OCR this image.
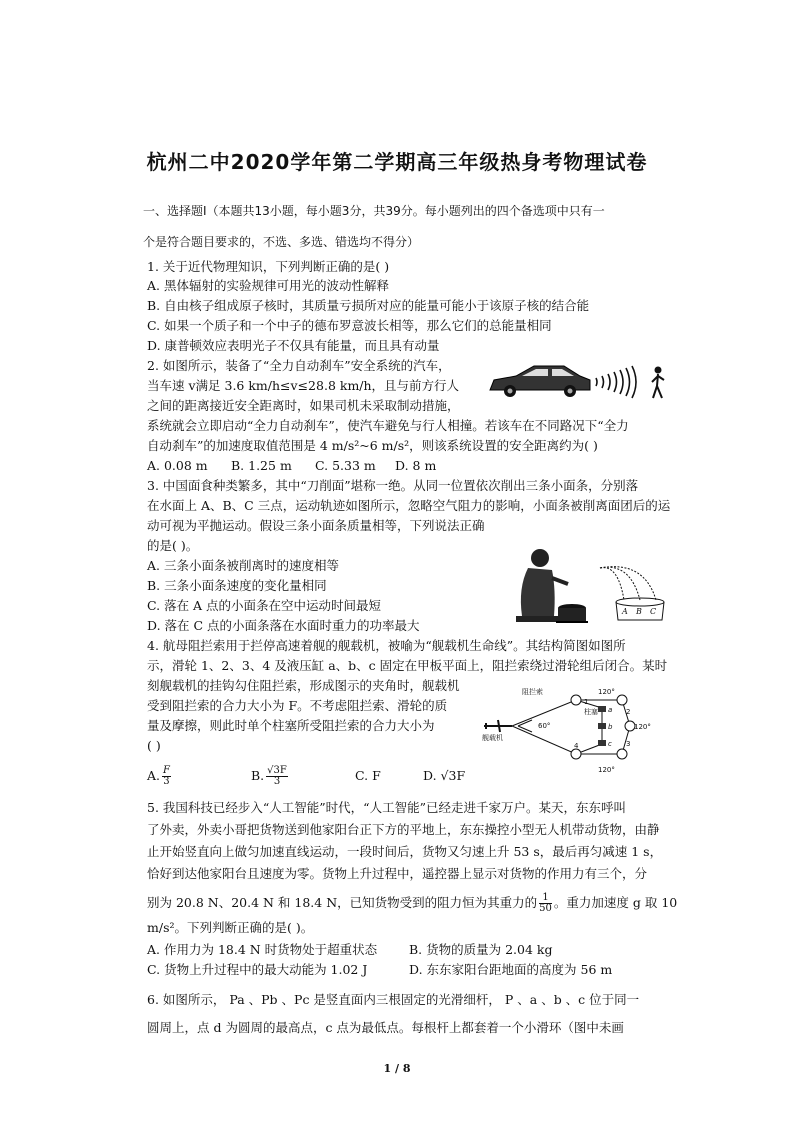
杭州二中2020学年第二学期高三年级热身考物理试卷
一、选择题Ⅰ（本题共13小题，每小题3分，共39分。每小题列出的四个备选项中只有一
个是符合题目要求的，不选、多选、错选均不得分）
1. 关于近代物理知识，下列判断正确的是( )
A. 黑体辐射的实验规律可用光的波动性解释
B. 自由核子组成原子核时，其质量亏损所对应的能量可能小于该原子核的结合能
C. 如果一个质子和一个中子的德布罗意波长相等，那么它们的总能量相同
D. 康普顿效应表明光子不仅具有能量，而且具有动量
2. 如图所示，装备了“全力自动刹车”安全系统的汽车，
当车速 v满足 3.6 km/h≤v≤28.8 km/h，且与前方行人
之间的距离接近安全距离时，如果司机未采取制动措施，
系统就会立即启动“全力自动刹车”，使汽车避免与行人相撞。若该车在不同路况下“全力
自动刹车”的加速度取值范围是 4 m/s²~6 m/s²，则该系统设置的安全距离约为( )
A. 0.08 m B. 1.25 m C. 5.33 m D. 8 m
3. 中国面食种类繁多，其中“刀削面”堪称一绝。从同一位置依次削出三条小面条，分别落
在水面上 A、B、C 三点，运动轨迹如图所示，忽略空气阻力的影响，小面条被削离面团后的运
动可视为平抛运动。假设三条小面条质量相等，下列说法正确
的是( )。
A. 三条小面条被削离时的速度相等
B. 三条小面条速度的变化量相同
C. 落在 A 点的小面条在空中运动时间最短
D. 落在 C 点的小面条落在水面时重力的功率最大
A B C
4. 航母阻拦索用于拦停高速着舰的舰载机，被喻为“舰载机生命线”。其结构简图如图所
示，滑轮 1、2、3、4 及液压缸 a、b、c 固定在甲板平面上，阻拦索绕过滑轮组后闭合。某时
刻舰载机的挂钩勾住阻拦索，形成图示的夹角时，舰载机
受到阻拦索的合力大小为 F。不考虑阻拦索、滑轮的质
量及摩擦，则此时单个柱塞所受阻拦索的合力大小为
( )
阻拦索
柱塞
舰载机
60°
120°
120°
120°
1
2
3
4
a
b
c
A. $\frac{F}{3}$	B. $\frac{√3F}{3}$	C. F	D. √3F
5. 我国科技已经步入“人工智能”时代，“人工智能”已经走进千家万户。某天，东东呼叫
了外卖，外卖小哥把货物送到他家阳台正下方的平地上，东东操控小型无人机带动货物，由静
止开始竖直向上做匀加速直线运动，一段时间后，货物又匀速上升 53 s，最后再匀减速 1 s，
恰好到达他家阳台且速度为零。货物上升过程中，遥控器上显示对货物的作用力有三个，分
别为 20.8 N、20.4 N 和 18.4 N，已知货物受到的阻力恒为其重力的 $\frac{1}{50}$ 。重力加速度 g 取 10
m/s²。下列判断正确的是( )。
A. 作用力为 18.4 N 时货物处于超重状态	B. 货物的质量为 2.04 kg
C. 货物上升过程中的最大动能为 1.02 J	D. 东东家阳台距地面的高度为 56 m
6. 如图所示， Pa 、Pb 、Pc 是竖直面内三根固定的光滑细杆， P 、a 、b 、c 位于同一
圆周上，点 d 为圆周的最高点，c 点为最低点。每根杆上都套着一个小滑环（图中未画
1 / 8
